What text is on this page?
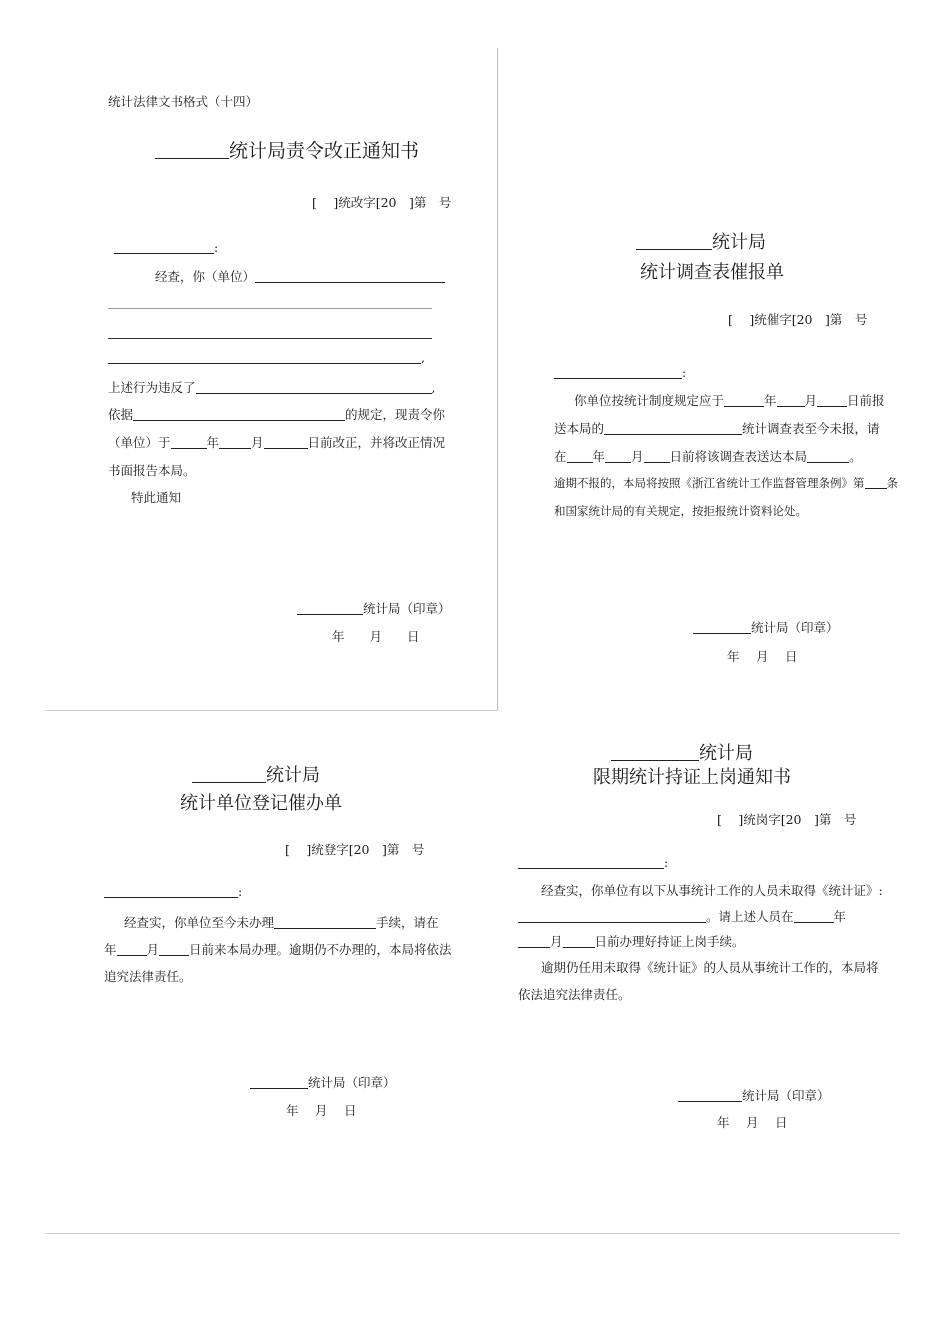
统计法律文书格式（十四）
统计局责令改正通知书
[　 ]统改字[20　]第　号
:
经查，你（单位）
,
上述行为违反了	,
依据	的规定，现责令你
（单位）于	年	月	日前改正，并将改正情况
书面报告本局。
特此通知
统计局（印章）
年　　月　　日
统计局
统计调查表催报单
[　 ]统催字[20　]第　号
:
你单位按统计制度规定应于	年 月 日前报
送本局的	统计调查表至今未报，请
在 年 月 日前将该调查表送达本局	。
逾期不报的，本局将按照《浙江省统计工作监督管理条例》第 条
和国家统计局的有关规定，按拒报统计资料论处。
统计局（印章）
年　 月　 日
统计局
统计单位登记催办单
[　 ]统登字[20　]第　号
:
经查实，你单位至今未办理	手续，请在
年 月 日前来本局办理。逾期仍不办理的，本局将依法
追究法律责任。
统计局（印章）
年　 月　 日
统计局
限期统计持证上岗通知书
[　 ]统岗字[20　]第　号
:
经查实，你单位有以下从事统计工作的人员未取得《统计证》:
。请上述人员在	年
月	日前办理好持证上岗手续。
逾期仍任用未取得《统计证》的人员从事统计工作的，本局将
依法追究法律责任。
统计局（印章）
年　 月　 日
